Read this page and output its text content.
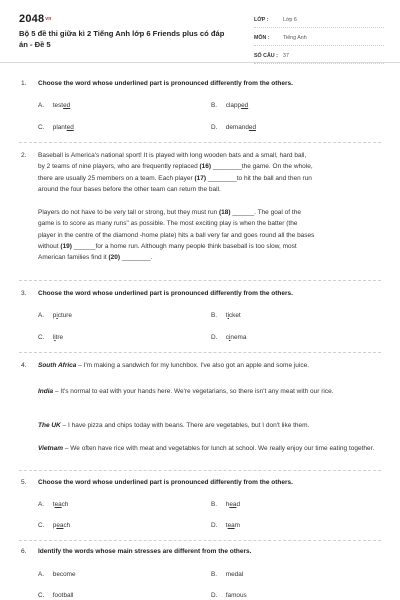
2048vn
Bộ 5 đề thi giữa kì 2 Tiếng Anh lớp 6 Friends plus có đáp án - Đề 5
LỚP :	Lớp 6
MÔN :	Tiếng Anh
SỐ CÂU : 37
1. Choose the word whose underlined part is pronounced differently from the others.
A. tested	B. clapped
C. planted	D. demanded
2. Baseball is America's national sport! It is played with long wooden bats and a small, hard ball,
by 2 teams of nine players, who are frequently replaced (16) ________the game. On the whole,
there are usually 25 members on a team. Each player (17) ________to hit the ball and then run
around the four bases before the other team can return the ball.
Players do not have to be very tall or strong, but they must run (18) ______. The goal of the
game is to score as many runs" as possible. The most exciting play is when the batter (the
player in the centre of the diamond -home plate) hits a ball very far and goes round all the bases
without (19) ______for a home run. Although many people think baseball is too slow, most
American families find it (20) ________.
3. Choose the word whose underlined part is pronounced differently from the others.
A. picture	B. ticket
C. litre	D. cinema
4. South Africa – I'm making a sandwich for my lunchbox. I've also got an apple and some juice.
India – It's normal to eat with your hands here. We're vegetarians, so there isn't any meat with our rice.
The UK – I have pizza and chips today with beans. There are vegetables, but I don't like them.
Vietnam – We often have rice with meat and vegetables for lunch at school. We really enjoy our time eating together.
5. Choose the word whose underlined part is pronounced differently from the others.
A. teach	B. head
C. peach	D. team
6. Identify the words whose main stresses are different from the others.
A. become	B. medal
C. football	D. famous
